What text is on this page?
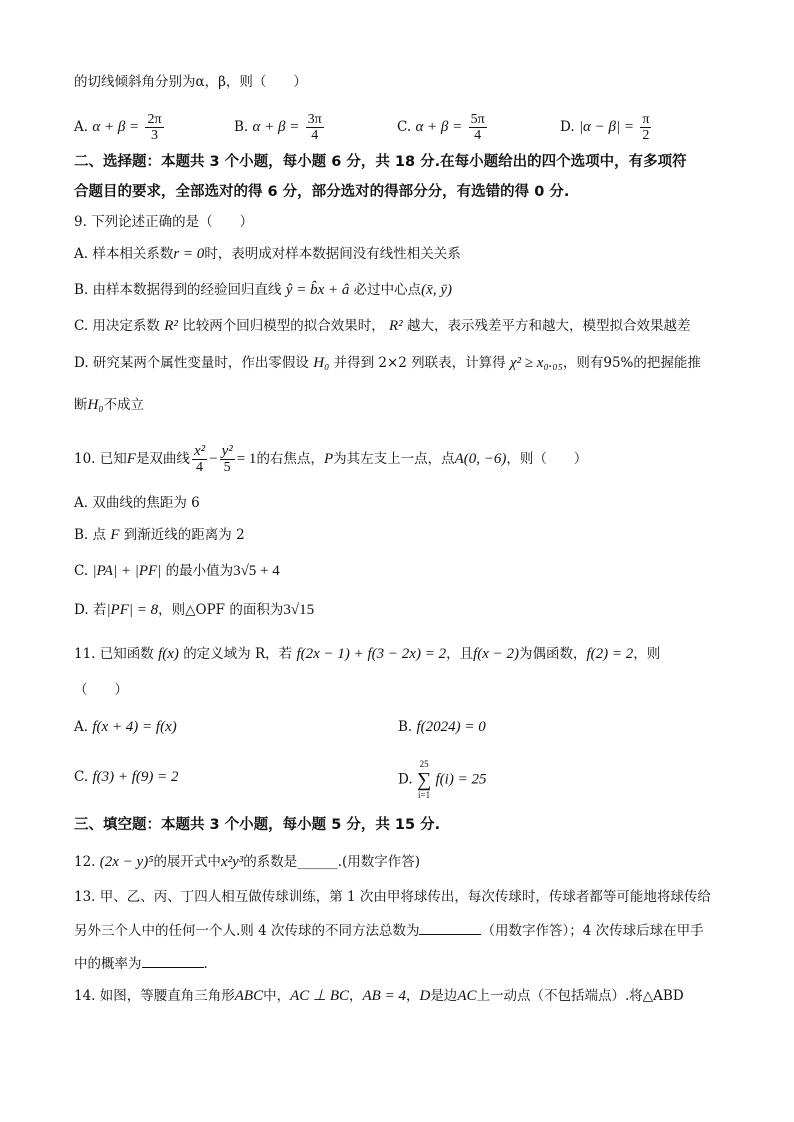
的切线倾斜角分别为α，β，则（　　）
A. $\alpha + \beta = \frac{2\pi}{3}$	B. $\alpha + \beta = \frac{3\pi}{4}$	C. $\alpha + \beta = \frac{5\pi}{4}$	D. $|\alpha - \beta| = \frac{\pi}{2}$
二、选择题：本题共 3 个小题，每小题 6 分，共 18 分.在每小题给出的四个选项中，有多项符
合题目的要求，全部选对的得 6 分，部分选对的得部分分，有选错的得 0 分.
9. 下列论述正确的是（　　）
A. 样本相关系数r = 0时，表明成对样本数据间没有线性相关关系
B. 由样本数据得到的经验回归直线 ŷ = b̂x + â 必过中心点(x̄, ȳ)
C. 用决定系数 R² 比较两个回归模型的拟合效果时， R² 越大，表示残差平方和越大，模型拟合效果越差
D. 研究某两个属性变量时，作出零假设 H₀ 并得到 2×2 列联表，计算得 χ² ≥ x₀.₀₅，则有95%的把握能推
断H₀不成立
10. 已知F是双曲线 $\frac{\text{x²}}{4} - \frac{\text{y²}}{5} = 1$的右焦点，P为其左支上一点，点A(0, −6)，则（　　）
A. 双曲线的焦距为 6
B. 点 F 到渐近线的距离为 2
C. |PA| + |PF| 的最小值为3√5 + 4
D. 若|PF| = 8，则△OPF 的面积为3√15
11. 已知函数 f(x) 的定义域为 R，若 f(2x − 1) + f(3 − 2x) = 2，且f(x − 2)为偶函数，f(2) = 2，则
（　　）
A. f(x + 4) = f(x)	B. f(2024) = 0
C. f(3) + f(9) = 2	D.
25
∑
i=1
f(i) = 25
三、填空题：本题共 3 个小题，每小题 5 分，共 15 分.
12. (2x − y)⁵的展开式中x²y³的系数是______.(用数字作答)
13. 甲、乙、丙、丁四人相互做传球训练，第 1 次由甲将球传出，每次传球时，传球者都等可能地将球传给
另外三个人中的任何一个人.则 4 次传球的不同方法总数为	（用数字作答）；4 次传球后球在甲手
中的概率为	.
14. 如图，等腰直角三角形ABC中，AC ⊥ BC，AB = 4，D是边AC上一动点（不包括端点）.将△ABD
